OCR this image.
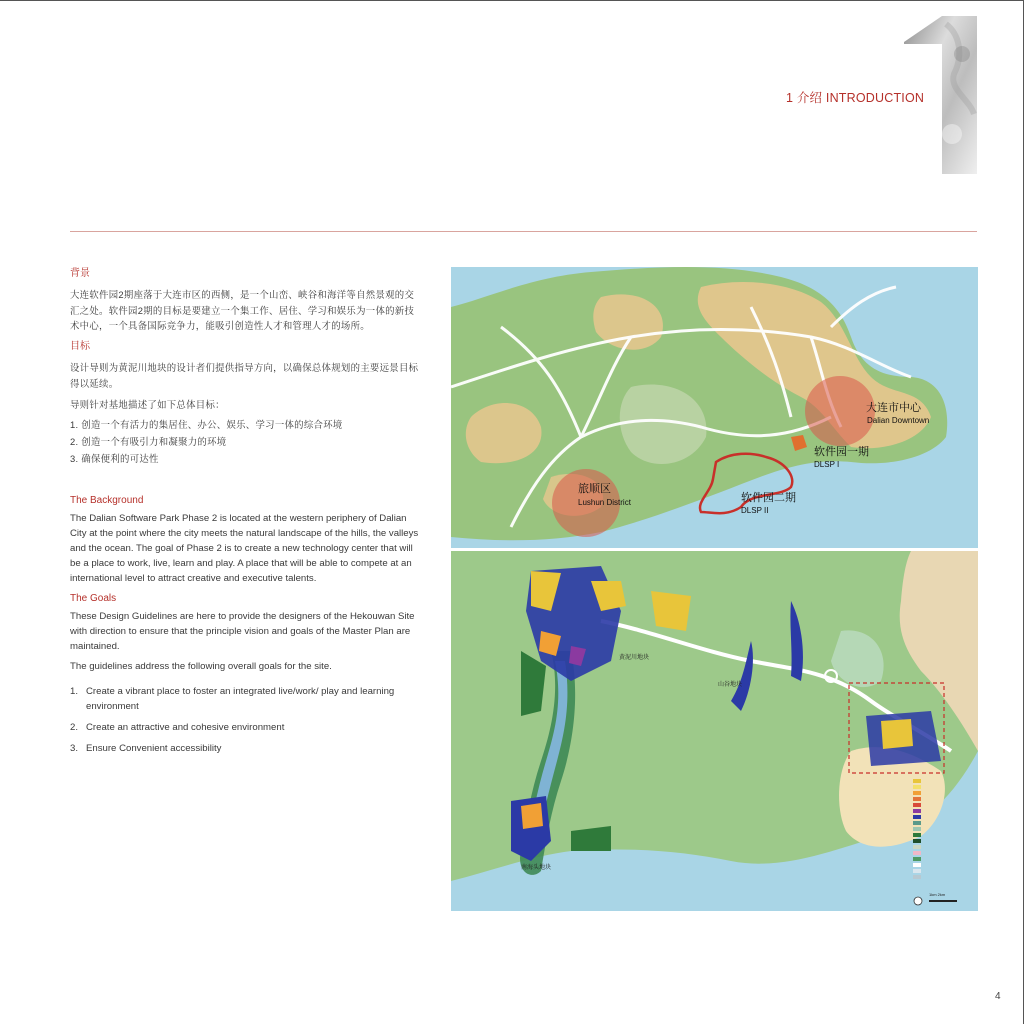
1
1 介绍 INTRODUCTION
背景

大连软件园2期座落于大连市区的西侧，是一个山峦、峡谷和海洋等自然景观的交汇之处。软件园2期的目标是要建立一个集工作、居住、学习和娱乐为一体的新技术中心，一个具备国际竞争力，能吸引创造性人才和管理人才的场所。

目标

设计导则为黄泥川地块的设计者们提供指导方向，以确保总体规划的主要远景目标得以延续。

导则针对基地描述了如下总体目标：

1. 创造一个有活力的集居住、办公、娱乐、学习一体的综合环境
2. 创造一个有吸引力和凝聚力的环境
3. 确保便利的可达性
The Background

The Dalian Software Park Phase 2 is located at the western periphery of Dalian City at the point where the city meets the natural landscape of the hills, the valleys and the ocean. The goal of Phase 2 is to create a new technology center that will be a place to work, live, learn and play. A place that will be able to compete at an international level to attract creative and executive talents.

The Goals

These Design Guidelines are here to provide the designers of the Hekouwan Site with direction to ensure that the principle vision and goals of the Master Plan are maintained.

The guidelines address the following overall goals for the site.

1. Create a vibrant place to foster an integrated live/work/ play and learning environment
2. Create an attractive and cohesive environment
3. Ensure Convenient accessibility
大连市中心
Dalian Downtown
旅顺区
Lushun District
软件园一期
DLSP I
软件园二期
DLSP II
黄泥川地块
山谷地块
南海头地块
1km 2km
4
